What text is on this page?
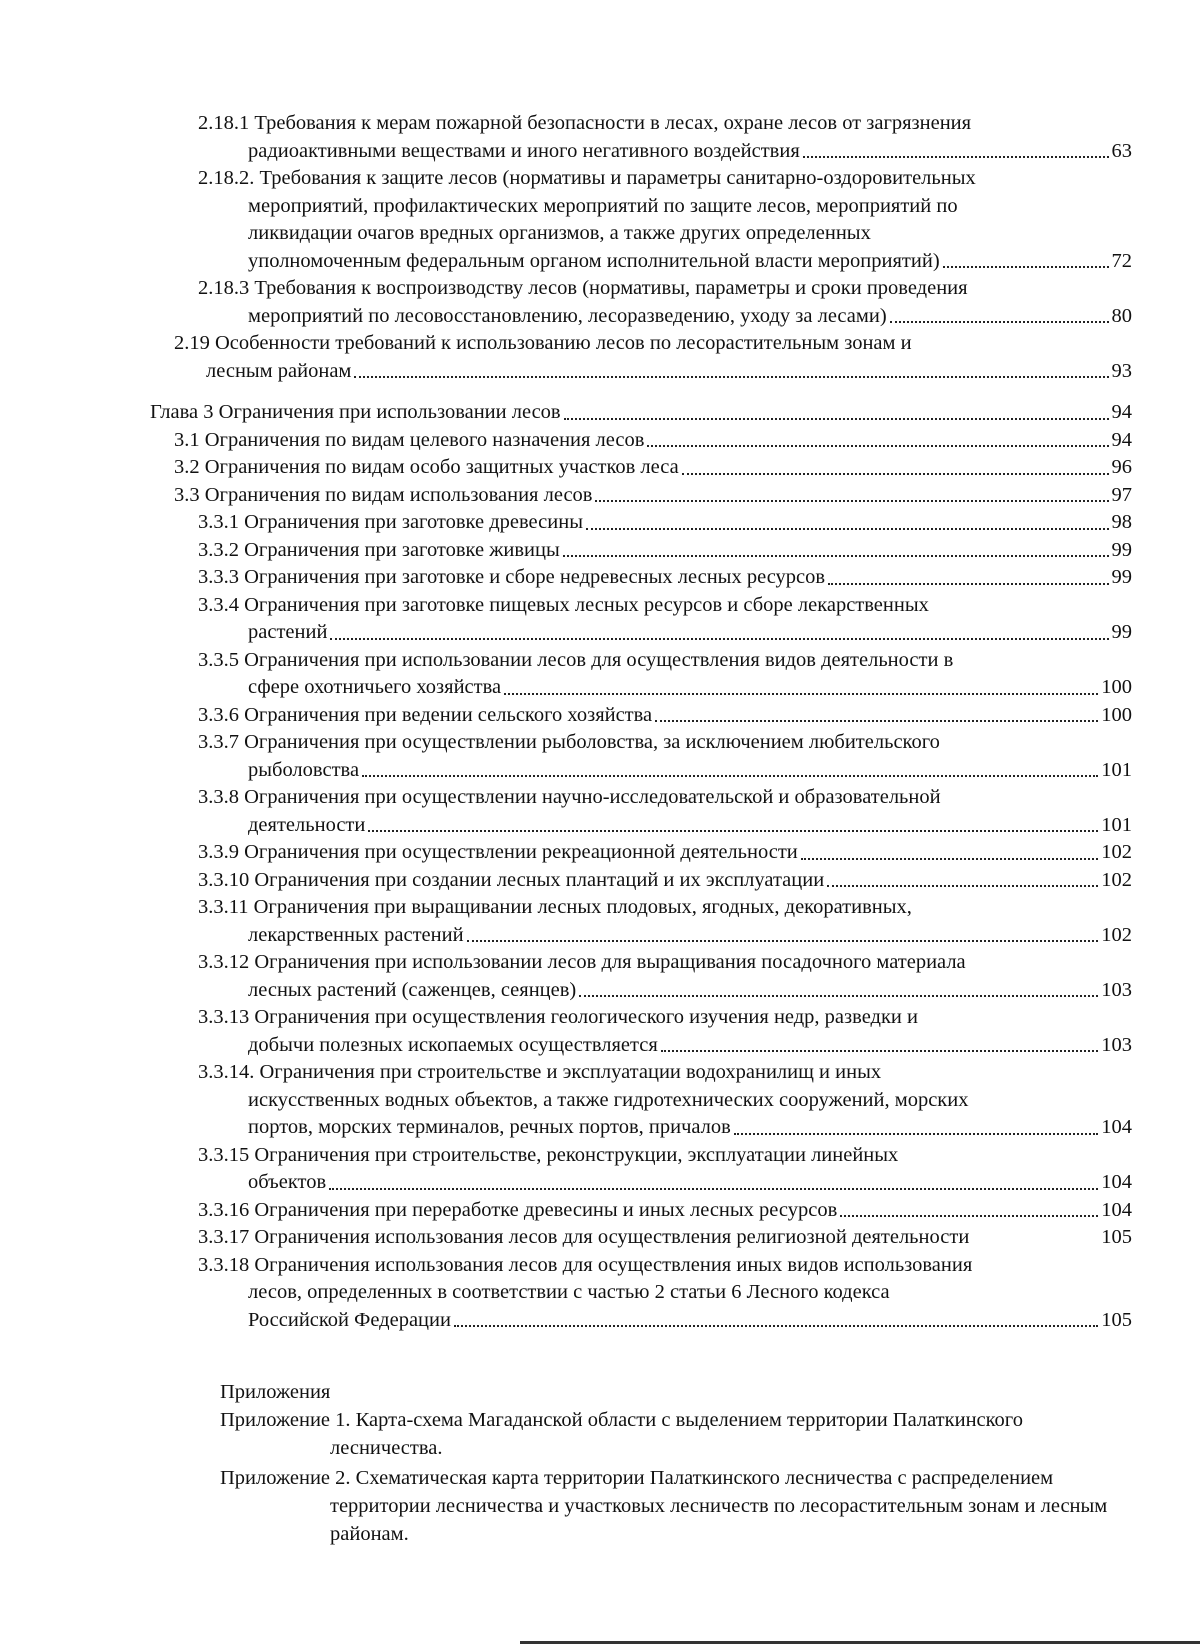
2.18.1 Требования к мерам пожарной безопасности в лесах, охране лесов от загрязнения
радиоактивными веществами и иного негативного воздействия	63
2.18.2. Требования к защите лесов (нормативы и параметры санитарно-оздоровительных
мероприятий, профилактических мероприятий по защите лесов, мероприятий по
ликвидации очагов вредных организмов, а также других определенных
уполномоченным федеральным органом исполнительной власти мероприятий)	72
2.18.3 Требования к воспроизводству лесов (нормативы, параметры и сроки проведения
мероприятий по лесовосстановлению, лесоразведению, уходу за лесами)	80
2.19 Особенности требований к использованию лесов по лесорастительным зонам и
лесным районам	93
Глава 3 Ограничения при использовании лесов	94
3.1 Ограничения по видам целевого назначения лесов	94
3.2 Ограничения по видам особо защитных участков леса	96
3.3 Ограничения по видам использования лесов	97
3.3.1 Ограничения при заготовке древесины	98
3.3.2 Ограничения при заготовке живицы	99
3.3.3 Ограничения при заготовке и сборе недревесных лесных ресурсов	99
3.3.4 Ограничения при заготовке пищевых лесных ресурсов и сборе лекарственных
растений	99
3.3.5 Ограничения при использовании лесов для осуществления видов деятельности в
сфере охотничьего хозяйства	100
3.3.6 Ограничения при ведении сельского хозяйства	100
3.3.7 Ограничения при осуществлении рыболовства, за исключением любительского
рыболовства	101
3.3.8 Ограничения при осуществлении научно-исследовательской и образовательной
деятельности	101
3.3.9 Ограничения при осуществлении рекреационной деятельности	102
3.3.10 Ограничения при создании лесных плантаций и их эксплуатации	102
3.3.11 Ограничения при выращивании лесных плодовых, ягодных, декоративных,
лекарственных растений	102
3.3.12 Ограничения при использовании лесов для выращивания посадочного материала
лесных растений (саженцев, сеянцев)	103
3.3.13 Ограничения при осуществления геологического изучения недр, разведки и
добычи полезных ископаемых осуществляется	103
3.3.14. Ограничения при строительстве и эксплуатации водохранилищ и иных
искусственных водных объектов, а также гидротехнических сооружений, морских
портов, морских терминалов, речных портов, причалов	104
3.3.15 Ограничения при строительстве, реконструкции, эксплуатации линейных
объектов	104
3.3.16 Ограничения при переработке древесины и иных лесных ресурсов	104
3.3.17 Ограничения использования лесов для осуществления религиозной деятельности	105
3.3.18 Ограничения использования лесов для осуществления иных видов использования
лесов, определенных в соответствии с частью 2 статьи 6 Лесного кодекса
Российской Федерации	105
Приложения
Приложение 1. Карта-схема Магаданской области с выделением территории Палаткинского лесничества.
Приложение 2. Схематическая карта территории Палаткинского лесничества с распределением территории лесничества и участковых лесничеств по лесорастительным зонам и лесным районам.
